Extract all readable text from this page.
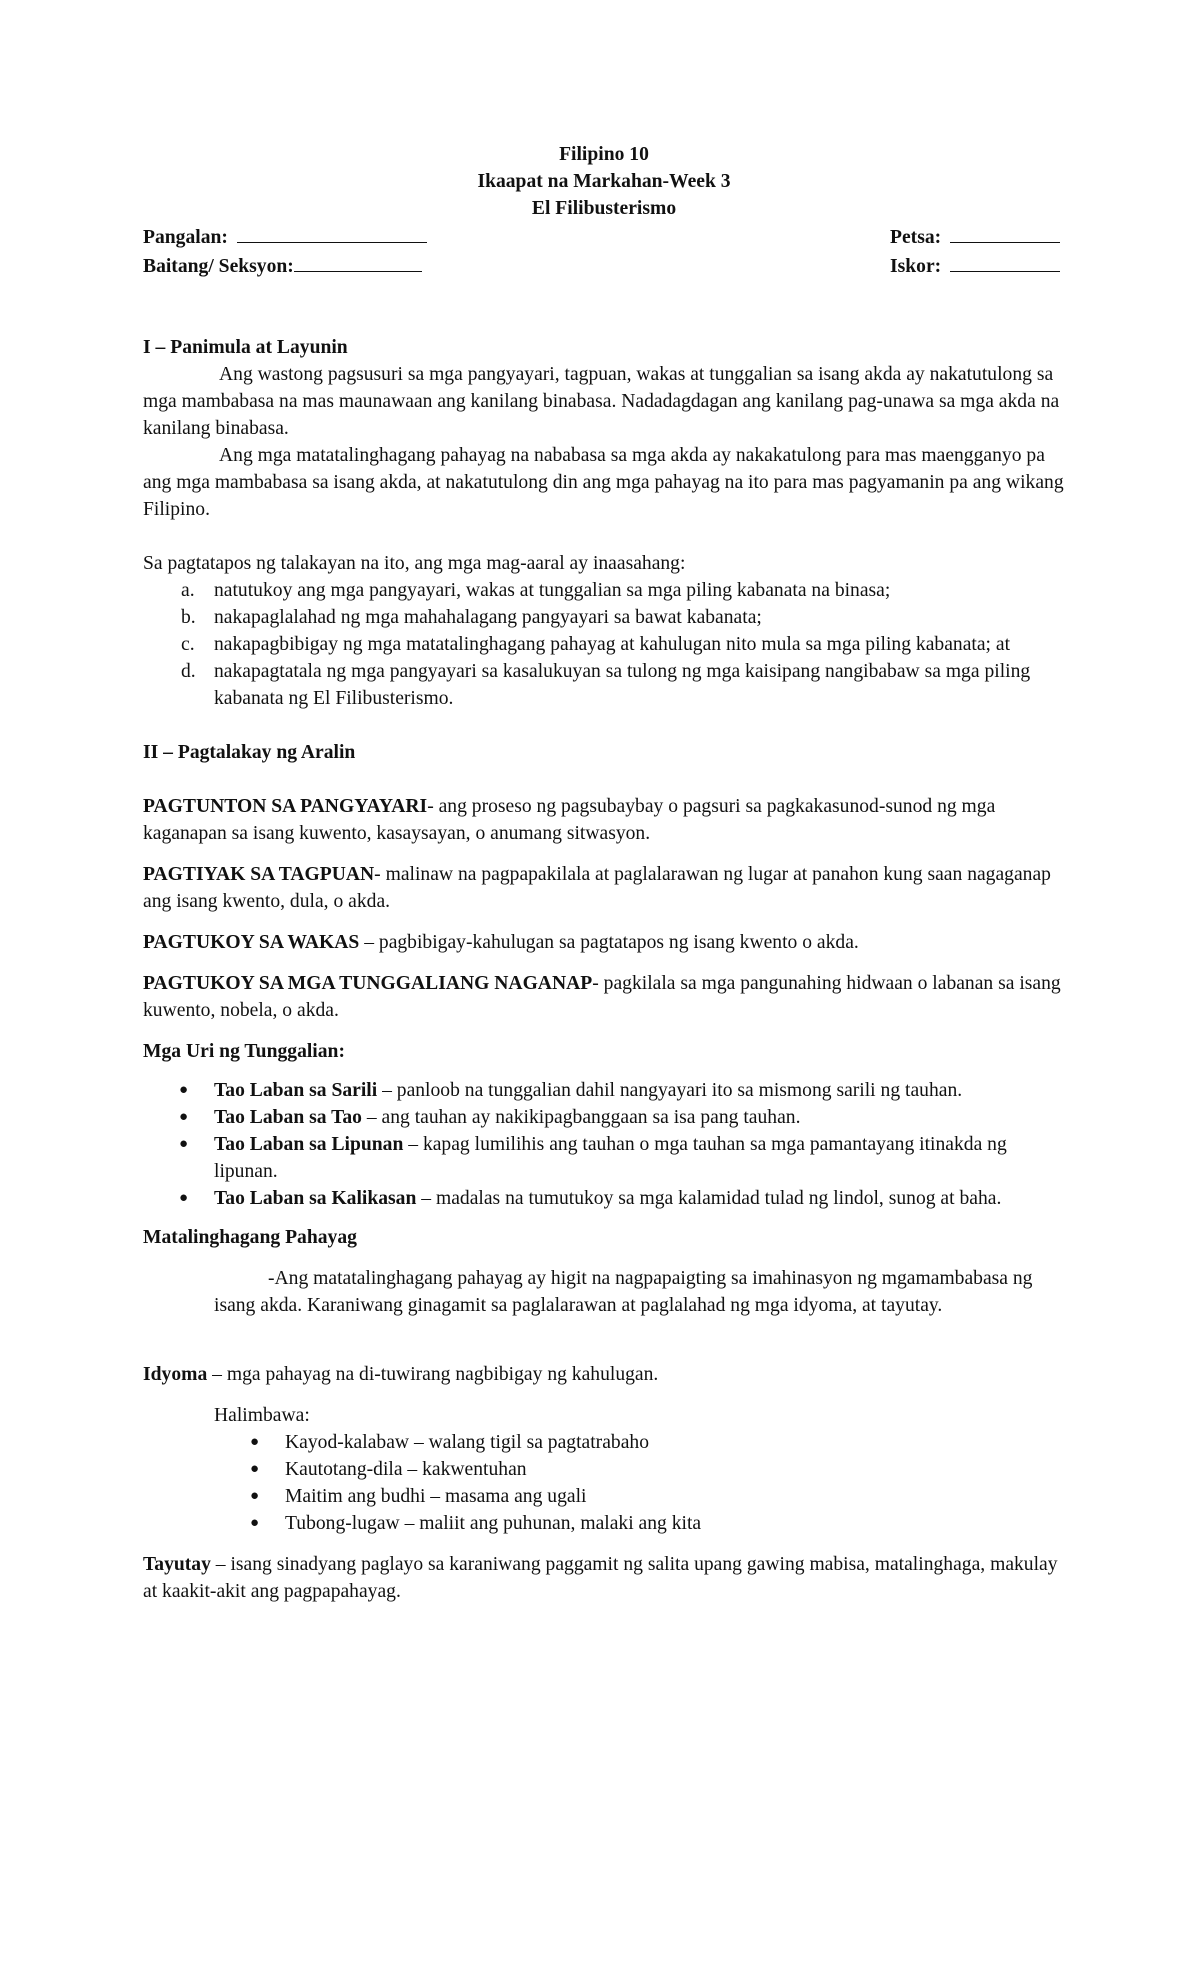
Filipino 10
Ikaapat na Markahan-Week 3
El Filibusterismo
Pangalan:	Petsa:
Baitang/ Seksyon:	Iskor:

I – Panimula at Layunin

Ang wastong pagsusuri sa mga pangyayari, tagpuan, wakas at tunggalian sa isang akda ay nakatutulong sa mga mambabasa na mas maunawaan ang kanilang binabasa. Nadadagdagan ang kanilang pag-unawa sa mga akda na kanilang binabasa.

Ang mga matatalinghagang pahayag na nababasa sa mga akda ay nakakatulong para mas maengganyo pa ang mga mambabasa sa isang akda, at nakatutulong din ang mga pahayag na ito para mas pagyamanin pa ang wikang Filipino.

Sa pagtatapos ng talakayan na ito, ang mga mag-aaral ay inaasahang:

a. natutukoy ang mga pangyayari, wakas at tunggalian sa mga piling kabanata na binasa;
b. nakapaglalahad ng mga mahahalagang pangyayari sa bawat kabanata;
c. nakapagbibigay ng mga matatalinghagang pahayag at kahulugan nito mula sa mga piling kabanata; at
d. nakapagtatala ng mga pangyayari sa kasalukuyan sa tulong ng mga kaisipang nangibabaw sa mga piling kabanata ng El Filibusterismo.

II – Pagtalakay ng Aralin

PAGTUNTON SA PANGYAYARI- ang proseso ng pagsubaybay o pagsuri sa pagkakasunod-sunod ng mga kaganapan sa isang kuwento, kasaysayan, o anumang sitwasyon.

PAGTIYAK SA TAGPUAN- malinaw na pagpapakilala at paglalarawan ng lugar at panahon kung saan nagaganap ang isang kwento, dula, o akda.

PAGTUKOY SA WAKAS – pagbibigay-kahulugan sa pagtatapos ng isang kwento o akda.

PAGTUKOY SA MGA TUNGGALIANG NAGANAP- pagkilala sa mga pangunahing hidwaan o labanan sa isang kuwento, nobela, o akda.

Mga Uri ng Tunggalian:

● Tao Laban sa Sarili – panloob na tunggalian dahil nangyayari ito sa mismong sarili ng tauhan.
● Tao Laban sa Tao – ang tauhan ay nakikipagbanggaan sa isa pang tauhan.
● Tao Laban sa Lipunan – kapag lumilihis ang tauhan o mga tauhan sa mga pamantayang itinakda ng lipunan.
● Tao Laban sa Kalikasan – madalas na tumutukoy sa mga kalamidad tulad ng lindol, sunog at baha.

Matalinghagang Pahayag

-Ang matatalinghagang pahayag ay higit na nagpapaigting sa imahinasyon ng mgamambabasa ng isang akda. Karaniwang ginagamit sa paglalarawan at paglalahad ng mga idyoma, at tayutay.

Idyoma – mga pahayag na di-tuwirang nagbibigay ng kahulugan.

Halimbawa:

● Kayod-kalabaw – walang tigil sa pagtatrabaho
● Kautotang-dila – kakwentuhan
● Maitim ang budhi – masama ang ugali
● Tubong-lugaw – maliit ang puhunan, malaki ang kita

Tayutay – isang sinadyang paglayo sa karaniwang paggamit ng salita upang gawing mabisa, matalinghaga, makulay at kaakit-akit ang pagpapahayag.
